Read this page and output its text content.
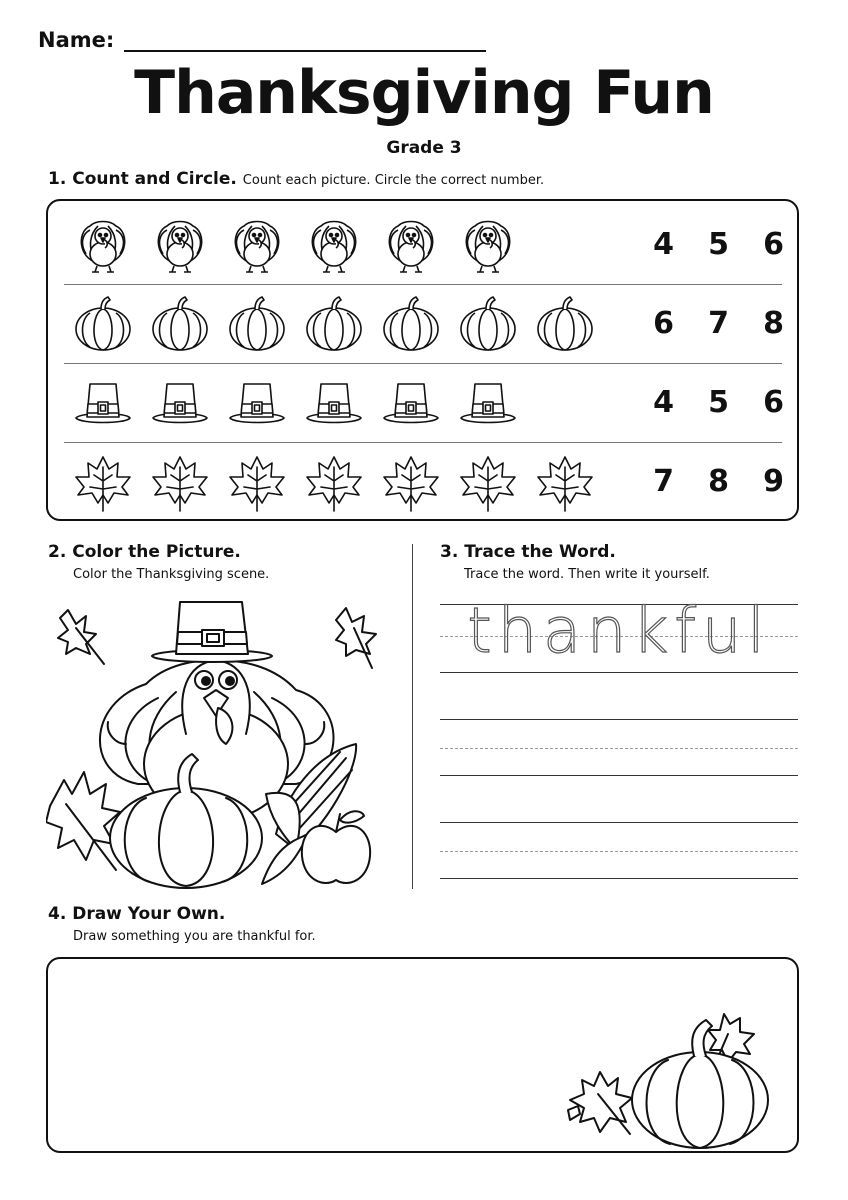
Name:
Thanksgiving Fun
Grade 3
1. Count and Circle. Count each picture. Circle the correct number.
4	5	6
6	7	8
4	5	6
7	8	9
2. Color the Picture.
Color the Thanksgiving scene.
3. Trace the Word.
Trace the word. Then write it yourself.
thankful
4. Draw Your Own.
Draw something you are thankful for.
